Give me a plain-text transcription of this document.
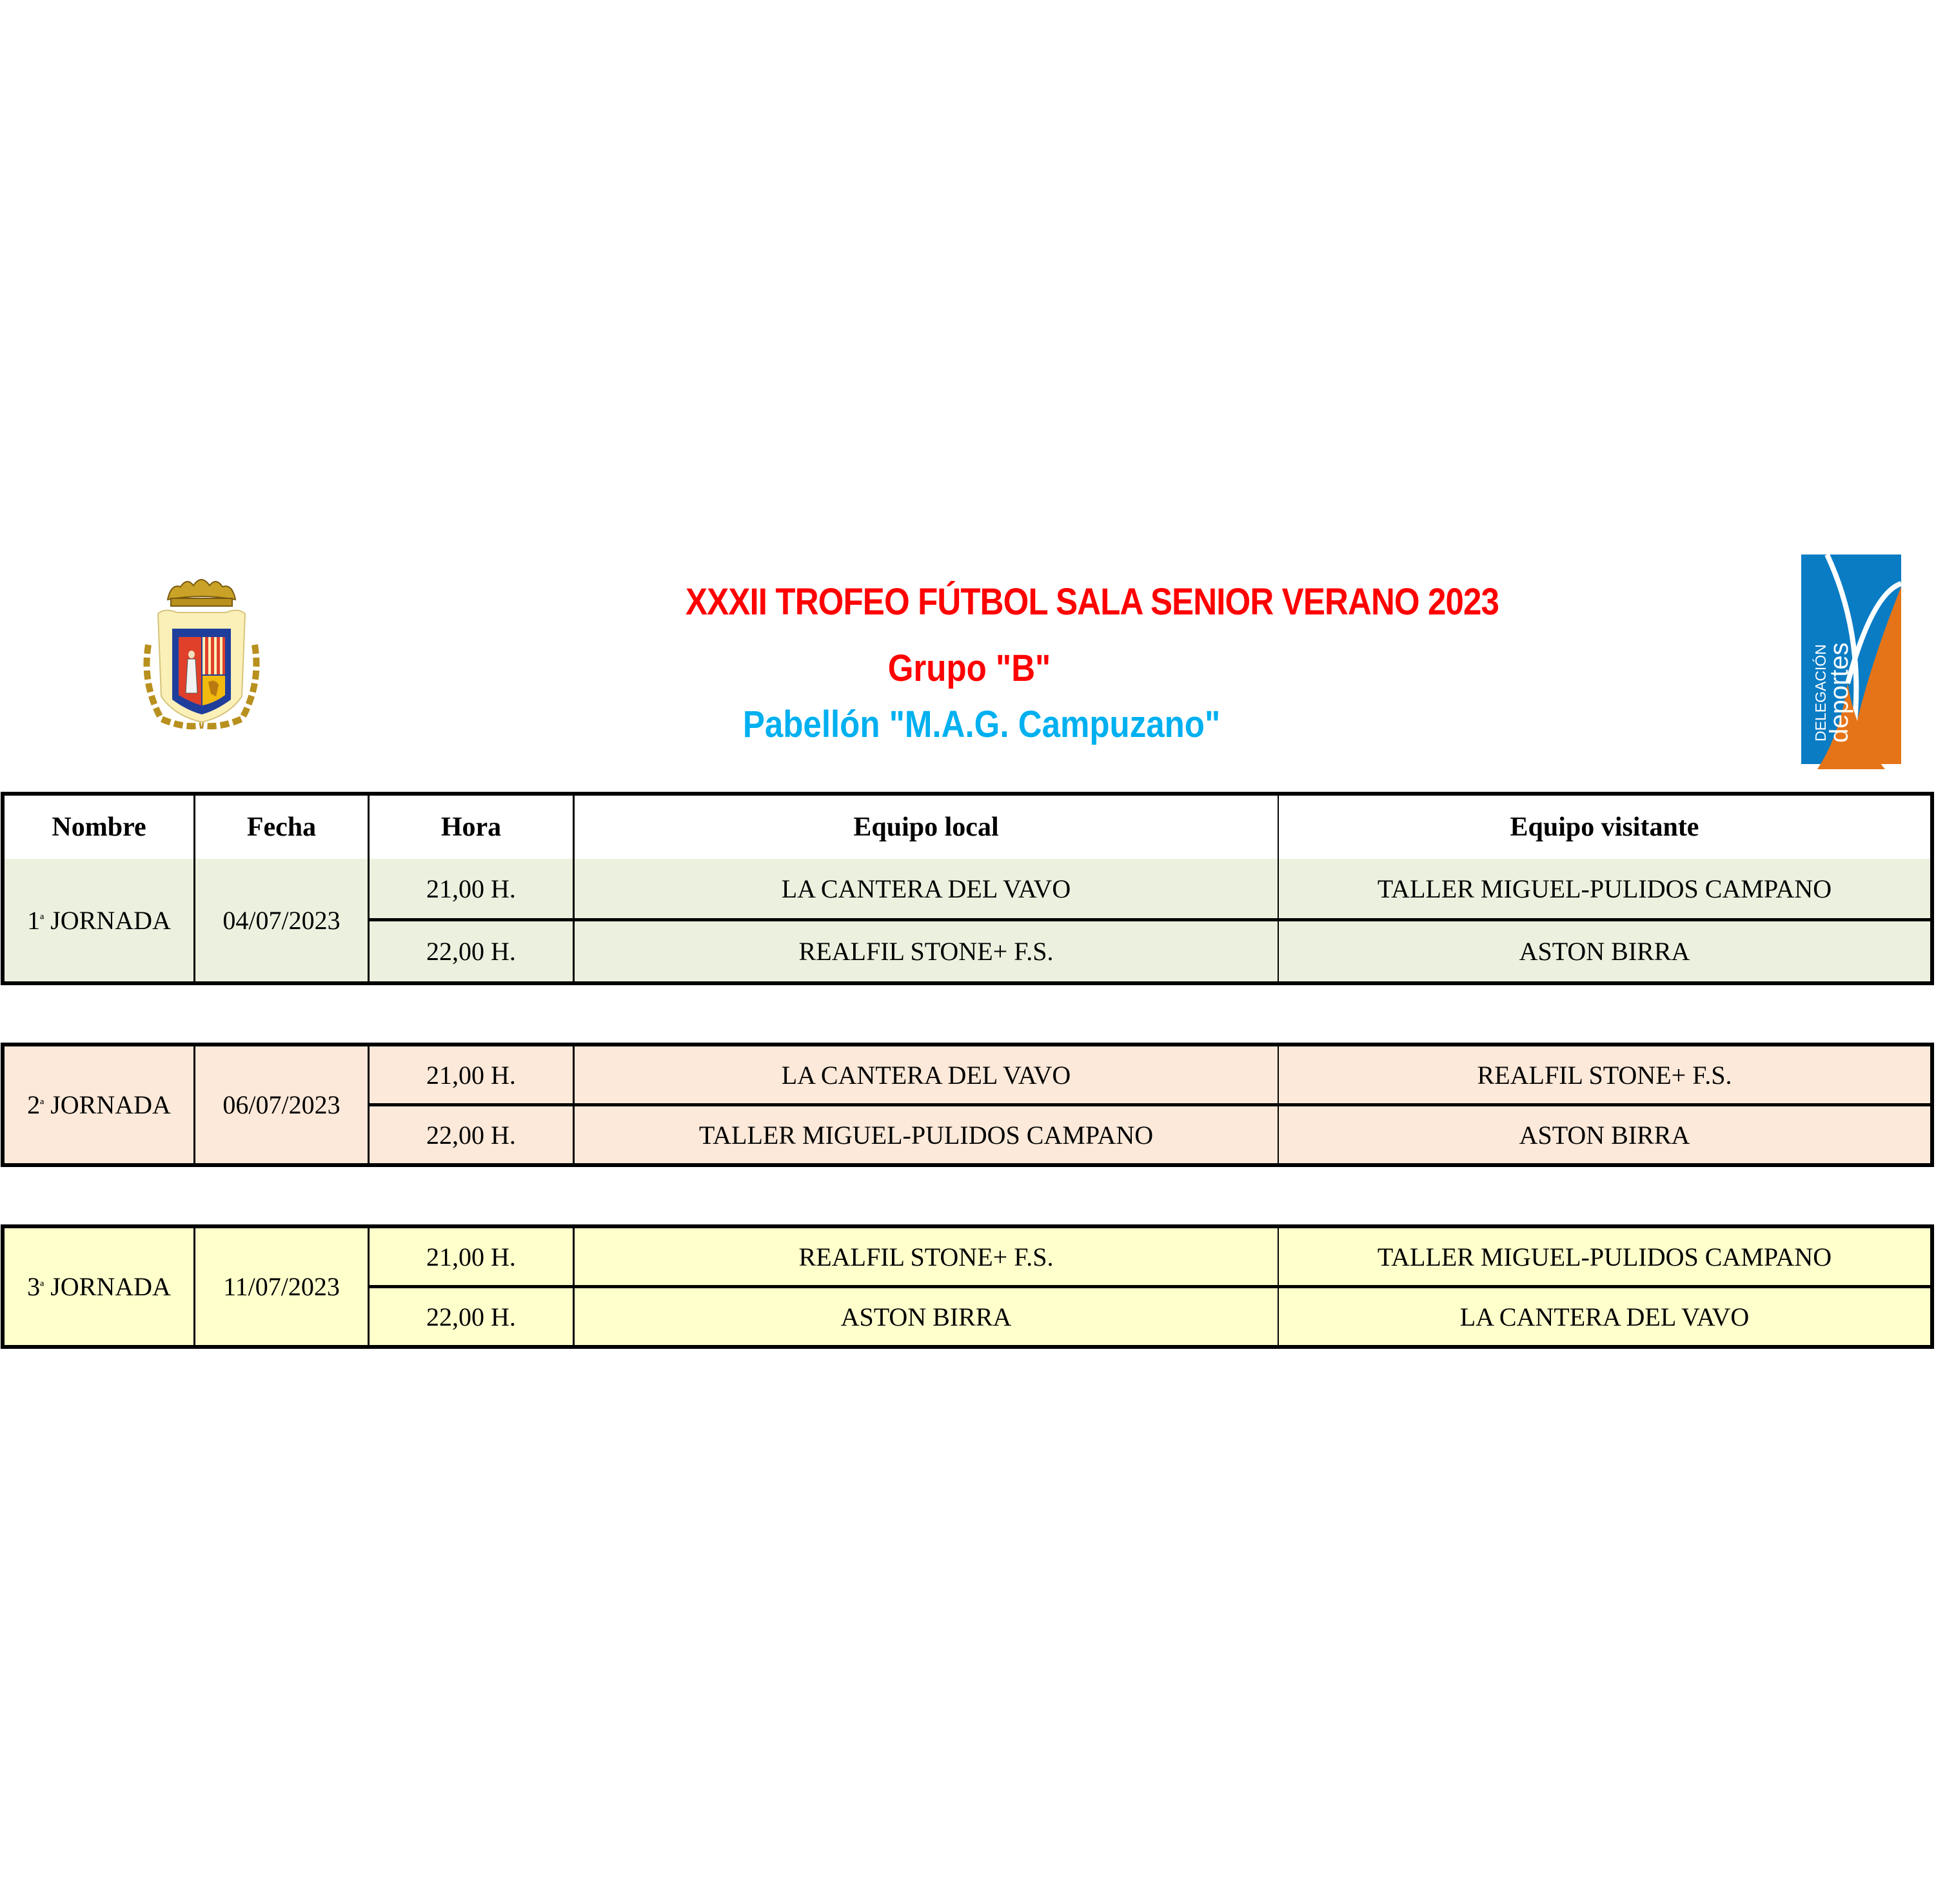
XXXII TROFEO FÚTBOL SALA SENIOR VERANO 2023
Grupo "B"
Pabellón "M.A.G. Campuzano"	DELEGACIÓN
deportes
Nombre	Fecha	Hora	Equipo local	Equipo visitante
1 ª
JORNADA	04/07/2023
21,00 H.	LA CANTERA DEL VAVO	TALLER MIGUEL-PULIDOS CAMPANO
22,00 H.	REALFIL STONE+ F.S.	ASTON BIRRA
2 ª
JORNADA	06/07/2023
21,00 H.	LA CANTERA DEL VAVO	REALFIL STONE+ F.S.
22,00 H.	TALLER MIGUEL-PULIDOS CAMPANO	ASTON BIRRA
3 ª
JORNADA	11/07/2023
21,00 H.	REALFIL STONE+ F.S.	TALLER MIGUEL-PULIDOS CAMPANO
22,00 H.	ASTON BIRRA	LA CANTERA DEL VAVO
